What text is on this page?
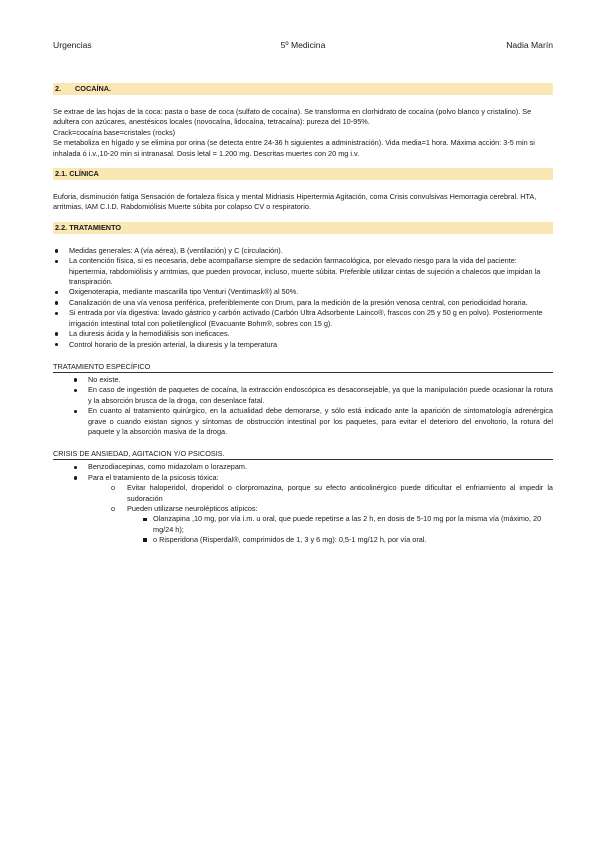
Urgencias	5º Medicina	Nadia Marín
2. COCAÍNA.

Se extrae de las hojas de la coca: pasta o base de coca (sulfato de cocaína). Se transforma en clorhidrato de cocaína (polvo blanco y cristalino). Se adultera con azúcares, anestésicos locales (novocaína, lidocaína, tetracaína): pureza del 10-95%.

Crack=cocaína base=cristales (rocks)

Se metaboliza en hígado y se elimina por orina (se detecta entre 24-36 h siguientes a administración). Vida media=1 hora. Máxima acción: 3-5 min si inhalada ó i.v.,10-20 min si intranasal. Dosis letal = 1.200 mg. Descritas muertes con 20 mg i.v.

2.1. CLÍNICA

Euforia, disminución fatiga Sensación de fortaleza física y mental Midriasis Hipertermia Agitación, coma Crisis convulsivas Hemorragia cerebral. HTA, arritmias, IAM C.I.D. Rabdomiólisis Muerte súbita por colapso CV o respiratorio.

2.2. TRATAMIENTO
Medidas generales: A (vía aérea), B (ventilación) y C (circulación).
La contención física, si es necesaria, debe acompañarse siempre de sedación farmacológica, por elevado riesgo para la vida del paciente: hipertermia, rabdomiólisis y arritmias, que pueden provocar, incluso, muerte súbita. Preferible utilizar cintas de sujeción a chalecos que impidan la transpiración.
Oxigenoterapia, mediante mascarilla tipo Venturi (Ventimask®) al 50%.
Canalización de una vía venosa periférica, preferiblemente con Drum, para la medición de la presión venosa central, con periodicidad horaria.
Si entrada por vía digestiva: lavado gástrico y carbón activado (Carbón Ultra Adsorbente Lainco®, frascos con 25 y 50 g en polvo). Posteriormente irrigación intestinal total con polietilenglicol (Evacuante Bohm®, sobres con 15 g).
La diuresis ácida y la hemodiálisis son ineficaces.
Control horario de la presión arterial, la diuresis y la temperatura
TRATAMIENTO ESPECÍFICO
No existe.
En caso de ingestión de paquetes de cocaína, la extracción endoscópica es desaconsejable, ya que la manipulación puede ocasionar la rotura y la absorción brusca de la droga, con desenlace fatal.
En cuanto al tratamiento quirúrgico, en la actualidad debe demorarse, y sólo está indicado ante la aparición de sintomatología adrenérgica grave o cuando existan signos y síntomas de obstrucción intestinal por los paquetes, para evitar el deterioro del envoltorio, la rotura del paquete y la absorción masiva de la droga.
CRISIS DE ANSIEDAD, AGITACION Y/O PSICOSIS.
Benzodiacepinas, como midazolam o lorazepam.
Para el tratamiento de la psicosis tóxica:
o Evitar haloperidol, droperidol o clorpromazina, porque su efecto anticolinérgico puede dificultar el enfriamiento al impedir la sudoración
o Pueden utilizarse neurolépticos atípicos:
Olanzapina ,10 mg, por vía i.m. u oral, que puede repetirse a las 2 h, en dosis de 5-10 mg por la misma vía (máximo, 20 mg/24 h);
o Risperidona (Risperdal®, comprimidos de 1, 3 y 6 mg): 0,5-1 mg/12 h, por vía oral.
